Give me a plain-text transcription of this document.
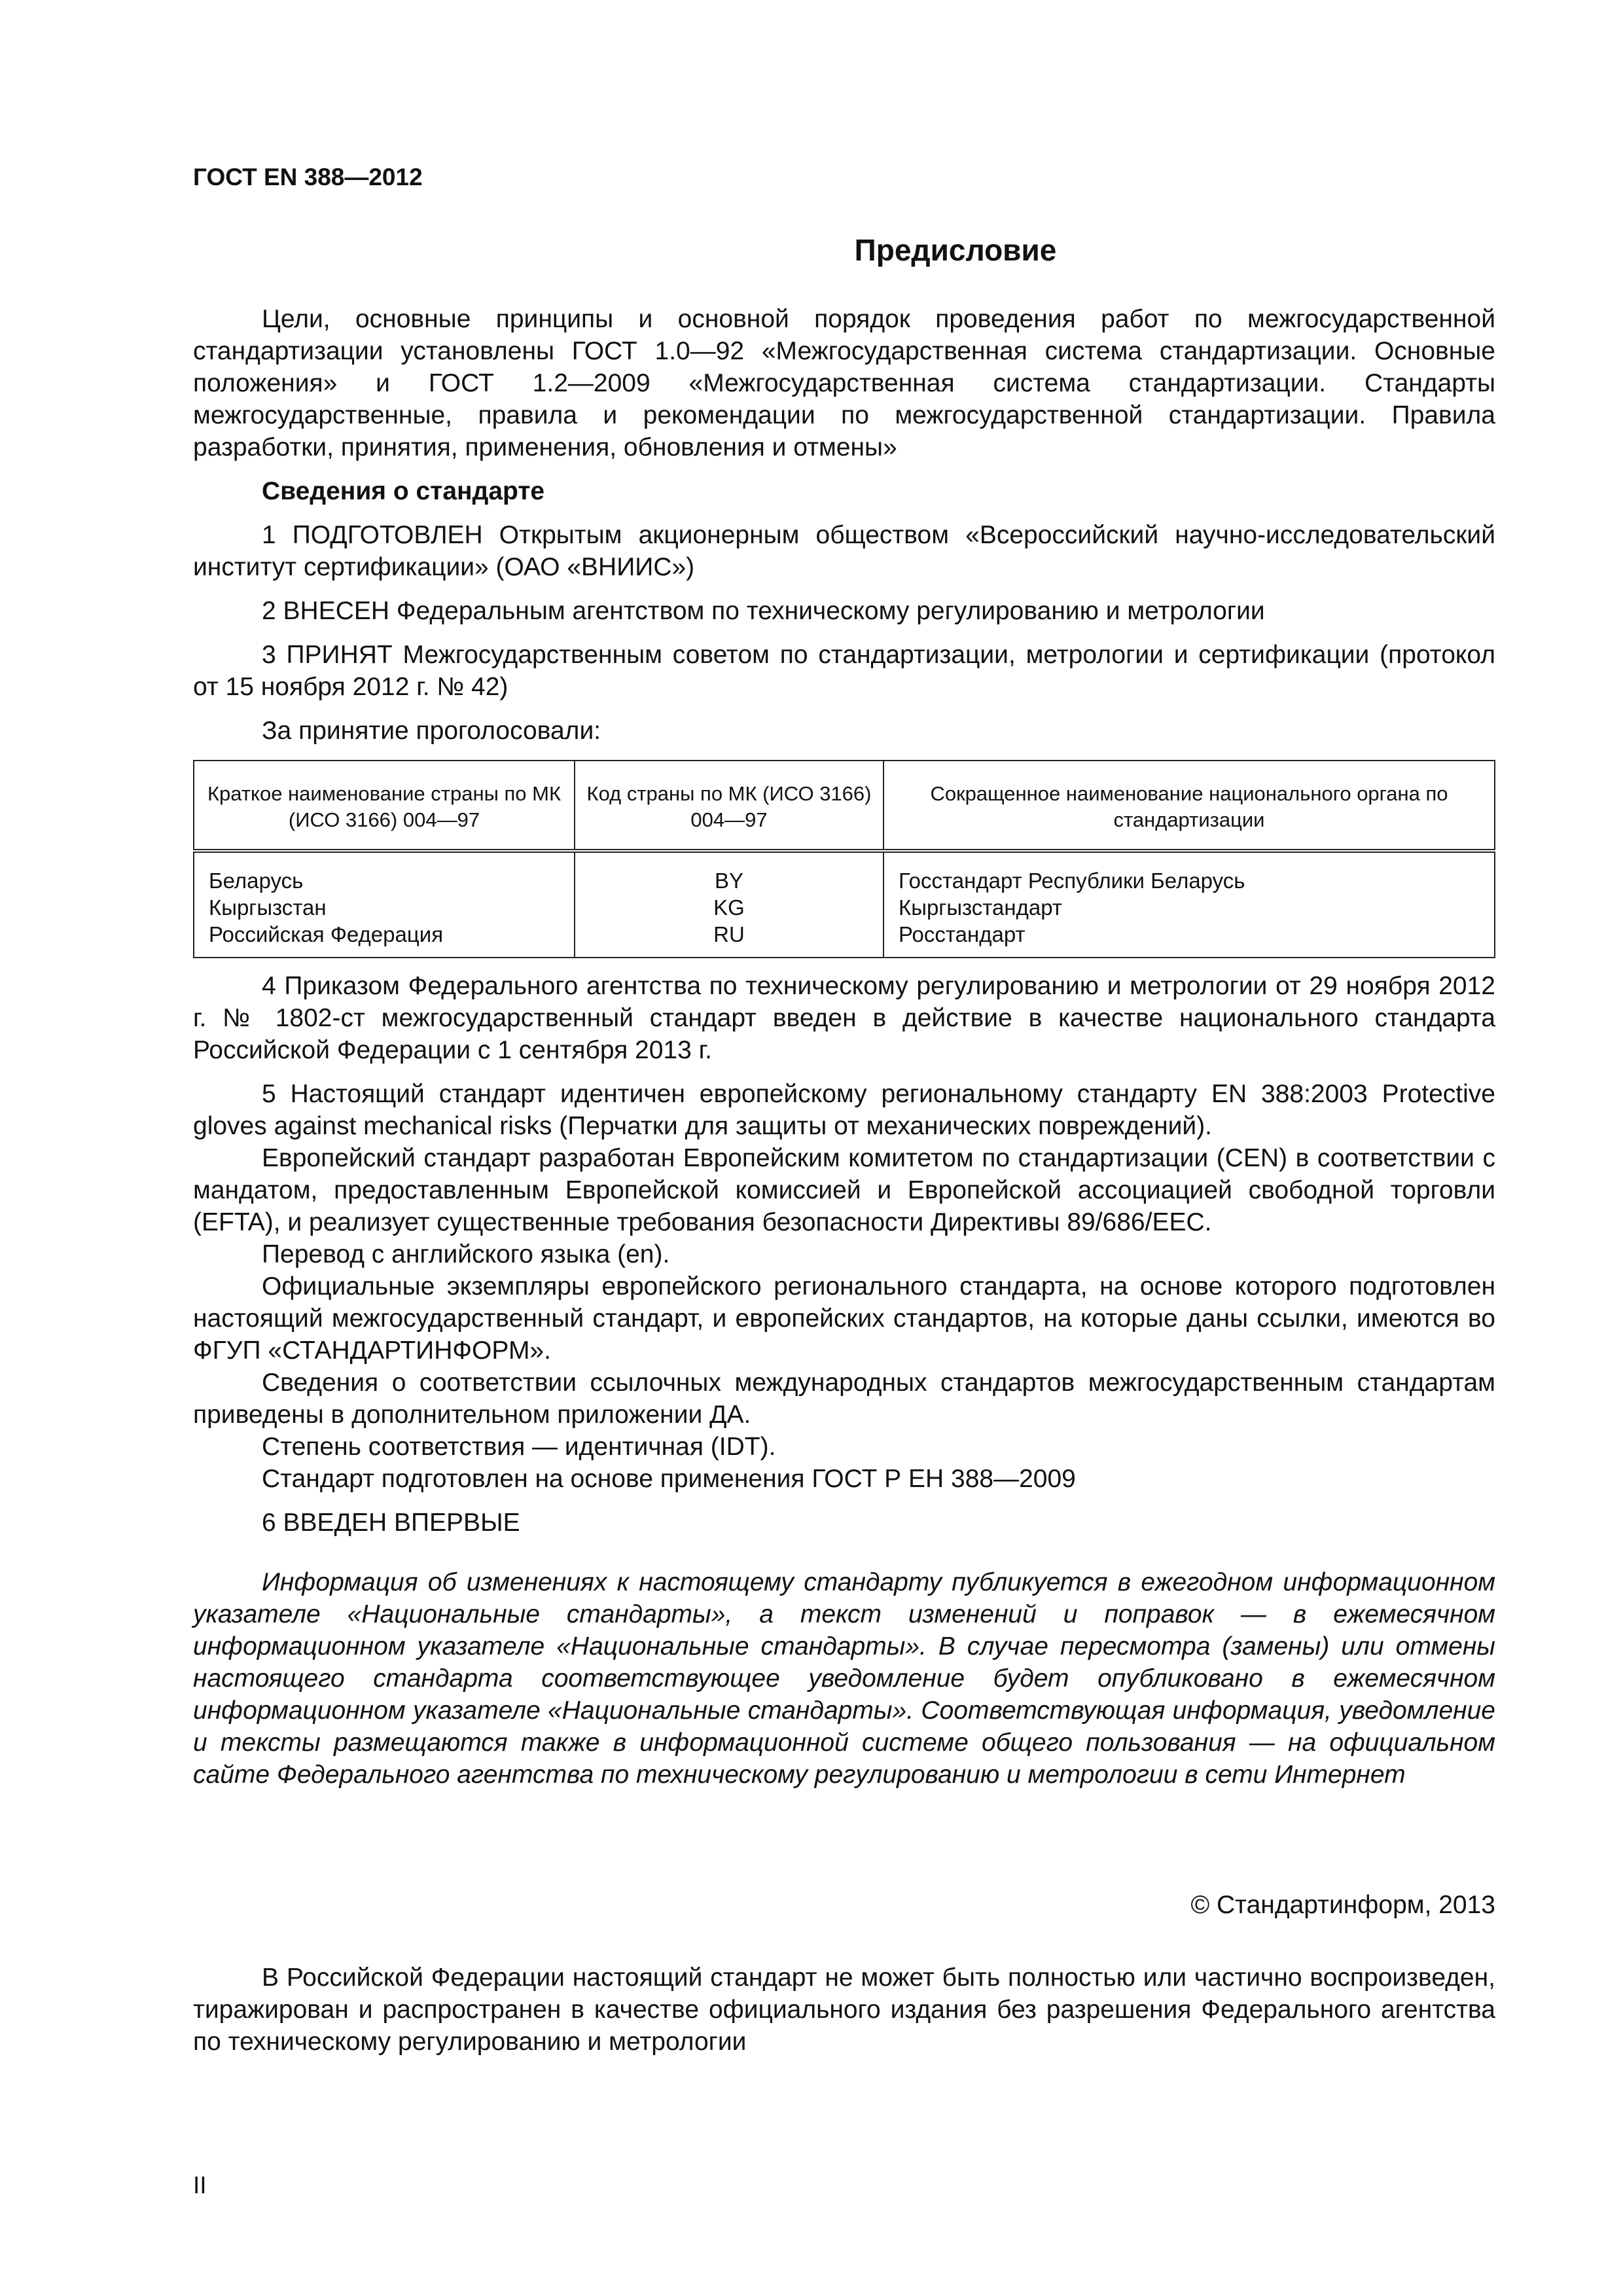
ГОСТ EN 388—2012
Предисловие

Цели, основные принципы и основной порядок проведения работ по межгосударственной стандартизации установлены ГОСТ 1.0—92 «Межгосударственная система стандартизации. Основные положения» и ГОСТ 1.2—2009 «Межгосударственная система стандартизации. Стандарты межгосударственные, правила и рекомендации по межгосударственной стандартизации. Правила разработки, принятия, применения, обновления и отмены»

Сведения о стандарте

1 ПОДГОТОВЛЕН Открытым акционерным обществом «Всероссийский научно-исследовательский институт сертификации» (ОАО «ВНИИС»)

2 ВНЕСЕН Федеральным агентством по техническому регулированию и метрологии

3 ПРИНЯТ Межгосударственным советом по стандартизации, метрологии и сертификации (протокол от 15 ноября 2012 г. № 42)

За принятие проголосовали:

Краткое наименование страны по МК (ИСО 3166) 004—97	Код страны по МК (ИСО 3166) 004—97	Сокращенное наименование национального органа по стандартизации
Беларусь	BY	Госстандарт Республики Беларусь
Кыргызстан	KG	Кыргызстандарт
Российская Федерация	RU	Росстандарт

4 Приказом Федерального агентства по техническому регулированию и метрологии от 29 ноября 2012 г. № 1802-ст межгосударственный стандарт введен в действие в качестве национального стандарта Российской Федерации с 1 сентября 2013 г.

5 Настоящий стандарт идентичен европейскому региональному стандарту EN 388:2003 Protective gloves against mechanical risks (Перчатки для защиты от механических повреждений).

Европейский стандарт разработан Европейским комитетом по стандартизации (CEN) в соответствии с мандатом, предоставленным Европейской комиссией и Европейской ассоциацией свободной торговли (EFTA), и реализует существенные требования безопасности Директивы 89/686/ЕЕС.

Перевод с английского языка (en).

Официальные экземпляры европейского регионального стандарта, на основе которого подготовлен настоящий межгосударственный стандарт, и европейских стандартов, на которые даны ссылки, имеются во ФГУП «СТАНДАРТИНФОРМ».

Сведения о соответствии ссылочных международных стандартов межгосударственным стандартам приведены в дополнительном приложении ДА.

Степень соответствия — идентичная (IDT).

Стандарт подготовлен на основе применения ГОСТ Р ЕН 388—2009

6 ВВЕДЕН ВПЕРВЫЕ

Информация об изменениях к настоящему стандарту публикуется в ежегодном информационном указателе «Национальные стандарты», а текст изменений и поправок — в ежемесячном информационном указателе «Национальные стандарты». В случае пересмотра (замены) или отмены настоящего стандарта соответствующее уведомление будет опубликовано в ежемесячном информационном указателе «Национальные стандарты». Соответствующая информация, уведомление и тексты размещаются также в информационной системе общего пользования — на официальном сайте Федерального агентства по техническому регулированию и метрологии в сети Интернет

© Стандартинформ, 2013

В Российской Федерации настоящий стандарт не может быть полностью или частично воспроизведен, тиражирован и распространен в качестве официального издания без разрешения Федерального агентства по техническому регулированию и метрологии

II
